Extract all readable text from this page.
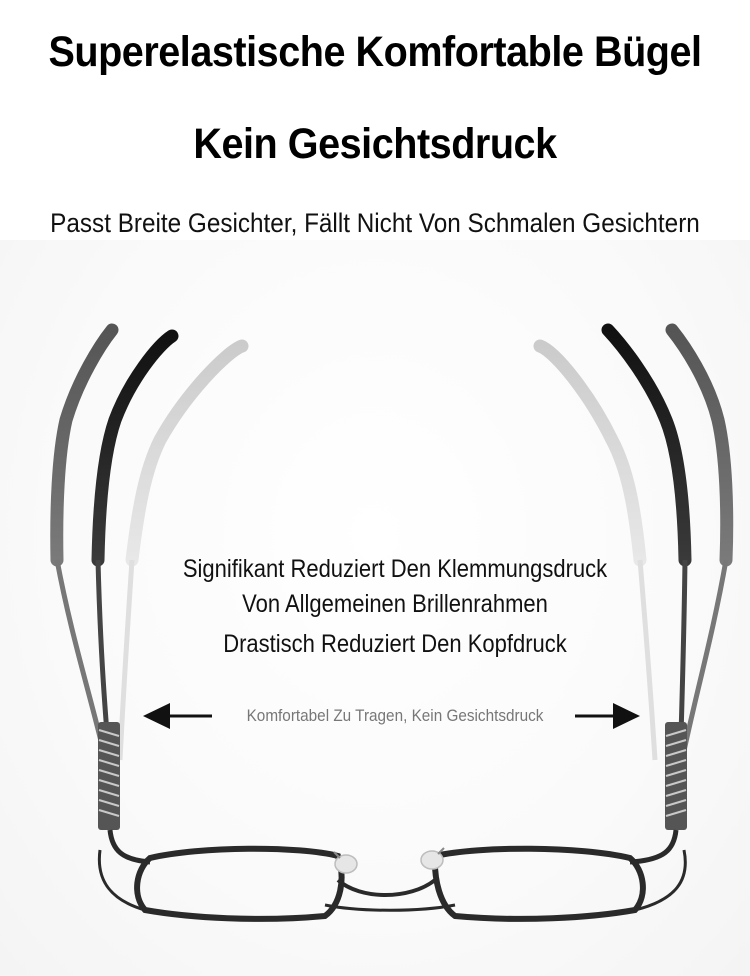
Superelastische Komfortable Bügel
Kein Gesichtsdruck
Passt Breite Gesichter, Fällt Nicht Von Schmalen Gesichtern
Signifikant Reduziert Den Klemmungsdruck
Von Allgemeinen Brillenrahmen
Drastisch Reduziert Den Kopfdruck
Komfortabel Zu Tragen, Kein Gesichtsdruck
